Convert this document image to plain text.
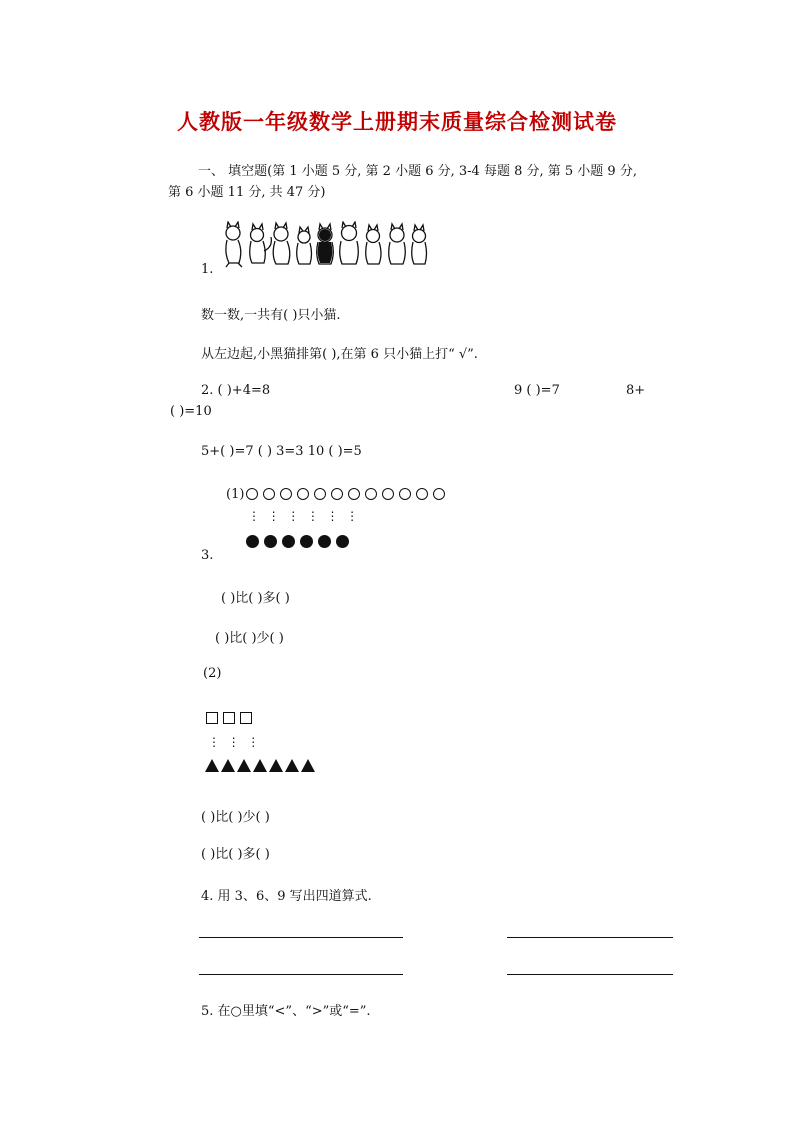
人教版一年级数学上册期末质量综合检测试卷
一、 填空题(第 1 小题 5 分, 第 2 小题 6 分, 3-4 每题 8 分, 第 5 小题 9 分,
第 6 小题 11 分, 共 47 分)
1.
数一数,一共有( )只小猫.
从左边起,小黑猫排第( ),在第 6 只小猫上打“ √”.
2. ( )+4=8	9 ( )=7	8+
( )=10
5+( )=7 ( ) 3=3 10 ( )=5
(1)
⋮  ⋮  ⋮  ⋮  ⋮  ⋮
3.
( )比( )多( )
( )比( )少( )
(2)
⋮  ⋮  ⋮
( )比( )少( )
( )比( )多( )
4. 用 3、6、9 写出四道算式.
5. 在○里填“<”、“>”或“=”.
